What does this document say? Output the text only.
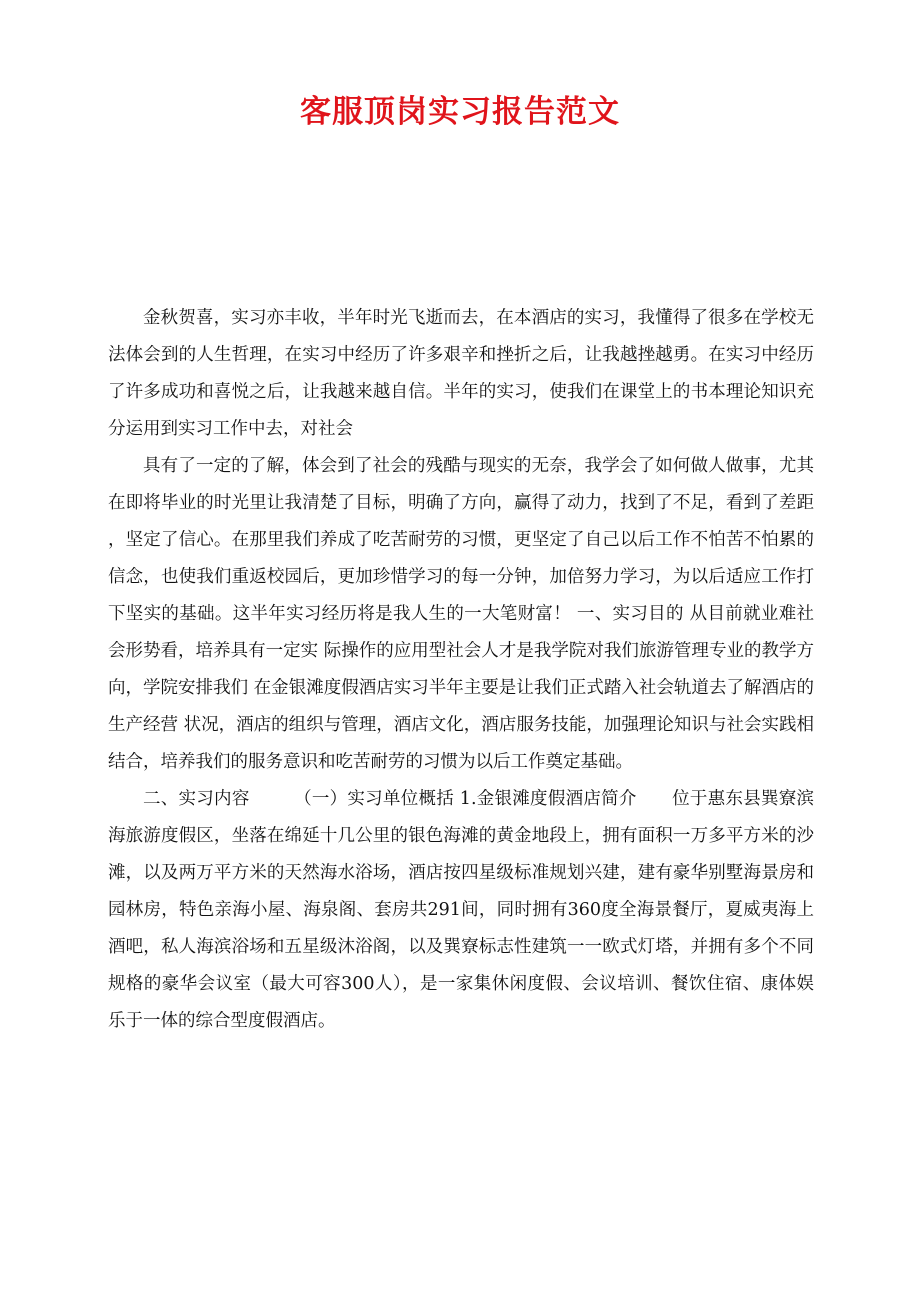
客服顶岗实习报告范文

金秋贺喜，实习亦丰收，半年时光飞逝而去，在本酒店的实习，我懂得了很多在学校无法体会到的人生哲理，在实习中经历了许多艰辛和挫折之后，让我越挫越勇。在实习中经历了许多成功和喜悦之后，让我越来越自信。半年的实习，使我们在课堂上的书本理论知识充分运用到实习工作中去，对社会

具有了一定的了解，体会到了社会的残酷与现实的无奈，我学会了如何做人做事，尤其在即将毕业的时光里让我清楚了目标，明确了方向，赢得了动力，找到了不足，看到了差距，坚定了信心。在那里我们养成了吃苦耐劳的习惯，更坚定了自己以后工作不怕苦不怕累的信念，也使我们重返校园后，更加珍惜学习的每一分钟，加倍努力学习，为以后适应工作打下坚实的基础。这半年实习经历将是我人生的一大笔财富！ 一、实习目的 从目前就业难社会形势看，培养具有一定实 际操作的应用型社会人才是我学院对我们旅游管理专业的教学方向，学院安排我们 在金银滩度假酒店实习半年主要是让我们正式踏入社会轨道去了解酒店的生产经营 状况，酒店的组织与管理，酒店文化，酒店服务技能，加强理论知识与社会实践相 结合，培养我们的服务意识和吃苦耐劳的习惯为以后工作奠定基础。

二、实习内容　　　（一）实习单位概括 1.金银滩度假酒店简介　　位于惠东县巽寮滨海旅游度假区，坐落在绵延十几公里的银色海滩的黄金地段上，拥有面积一万多平方米的沙滩，以及两万平方米的天然海水浴场，酒店按四星级标准规划兴建，建有豪华别墅海景房和园林房，特色亲海小屋、海泉阁、套房共291间，同时拥有360度全海景餐厅，夏威夷海上酒吧，私人海滨浴场和五星级沐浴阁，以及巽寮标志性建筑一一欧式灯塔，并拥有多个不同规格的豪华会议室（最大可容300人），是一家集休闲度假、会议培训、餐饮住宿、康体娱乐于一体的综合型度假酒店。
